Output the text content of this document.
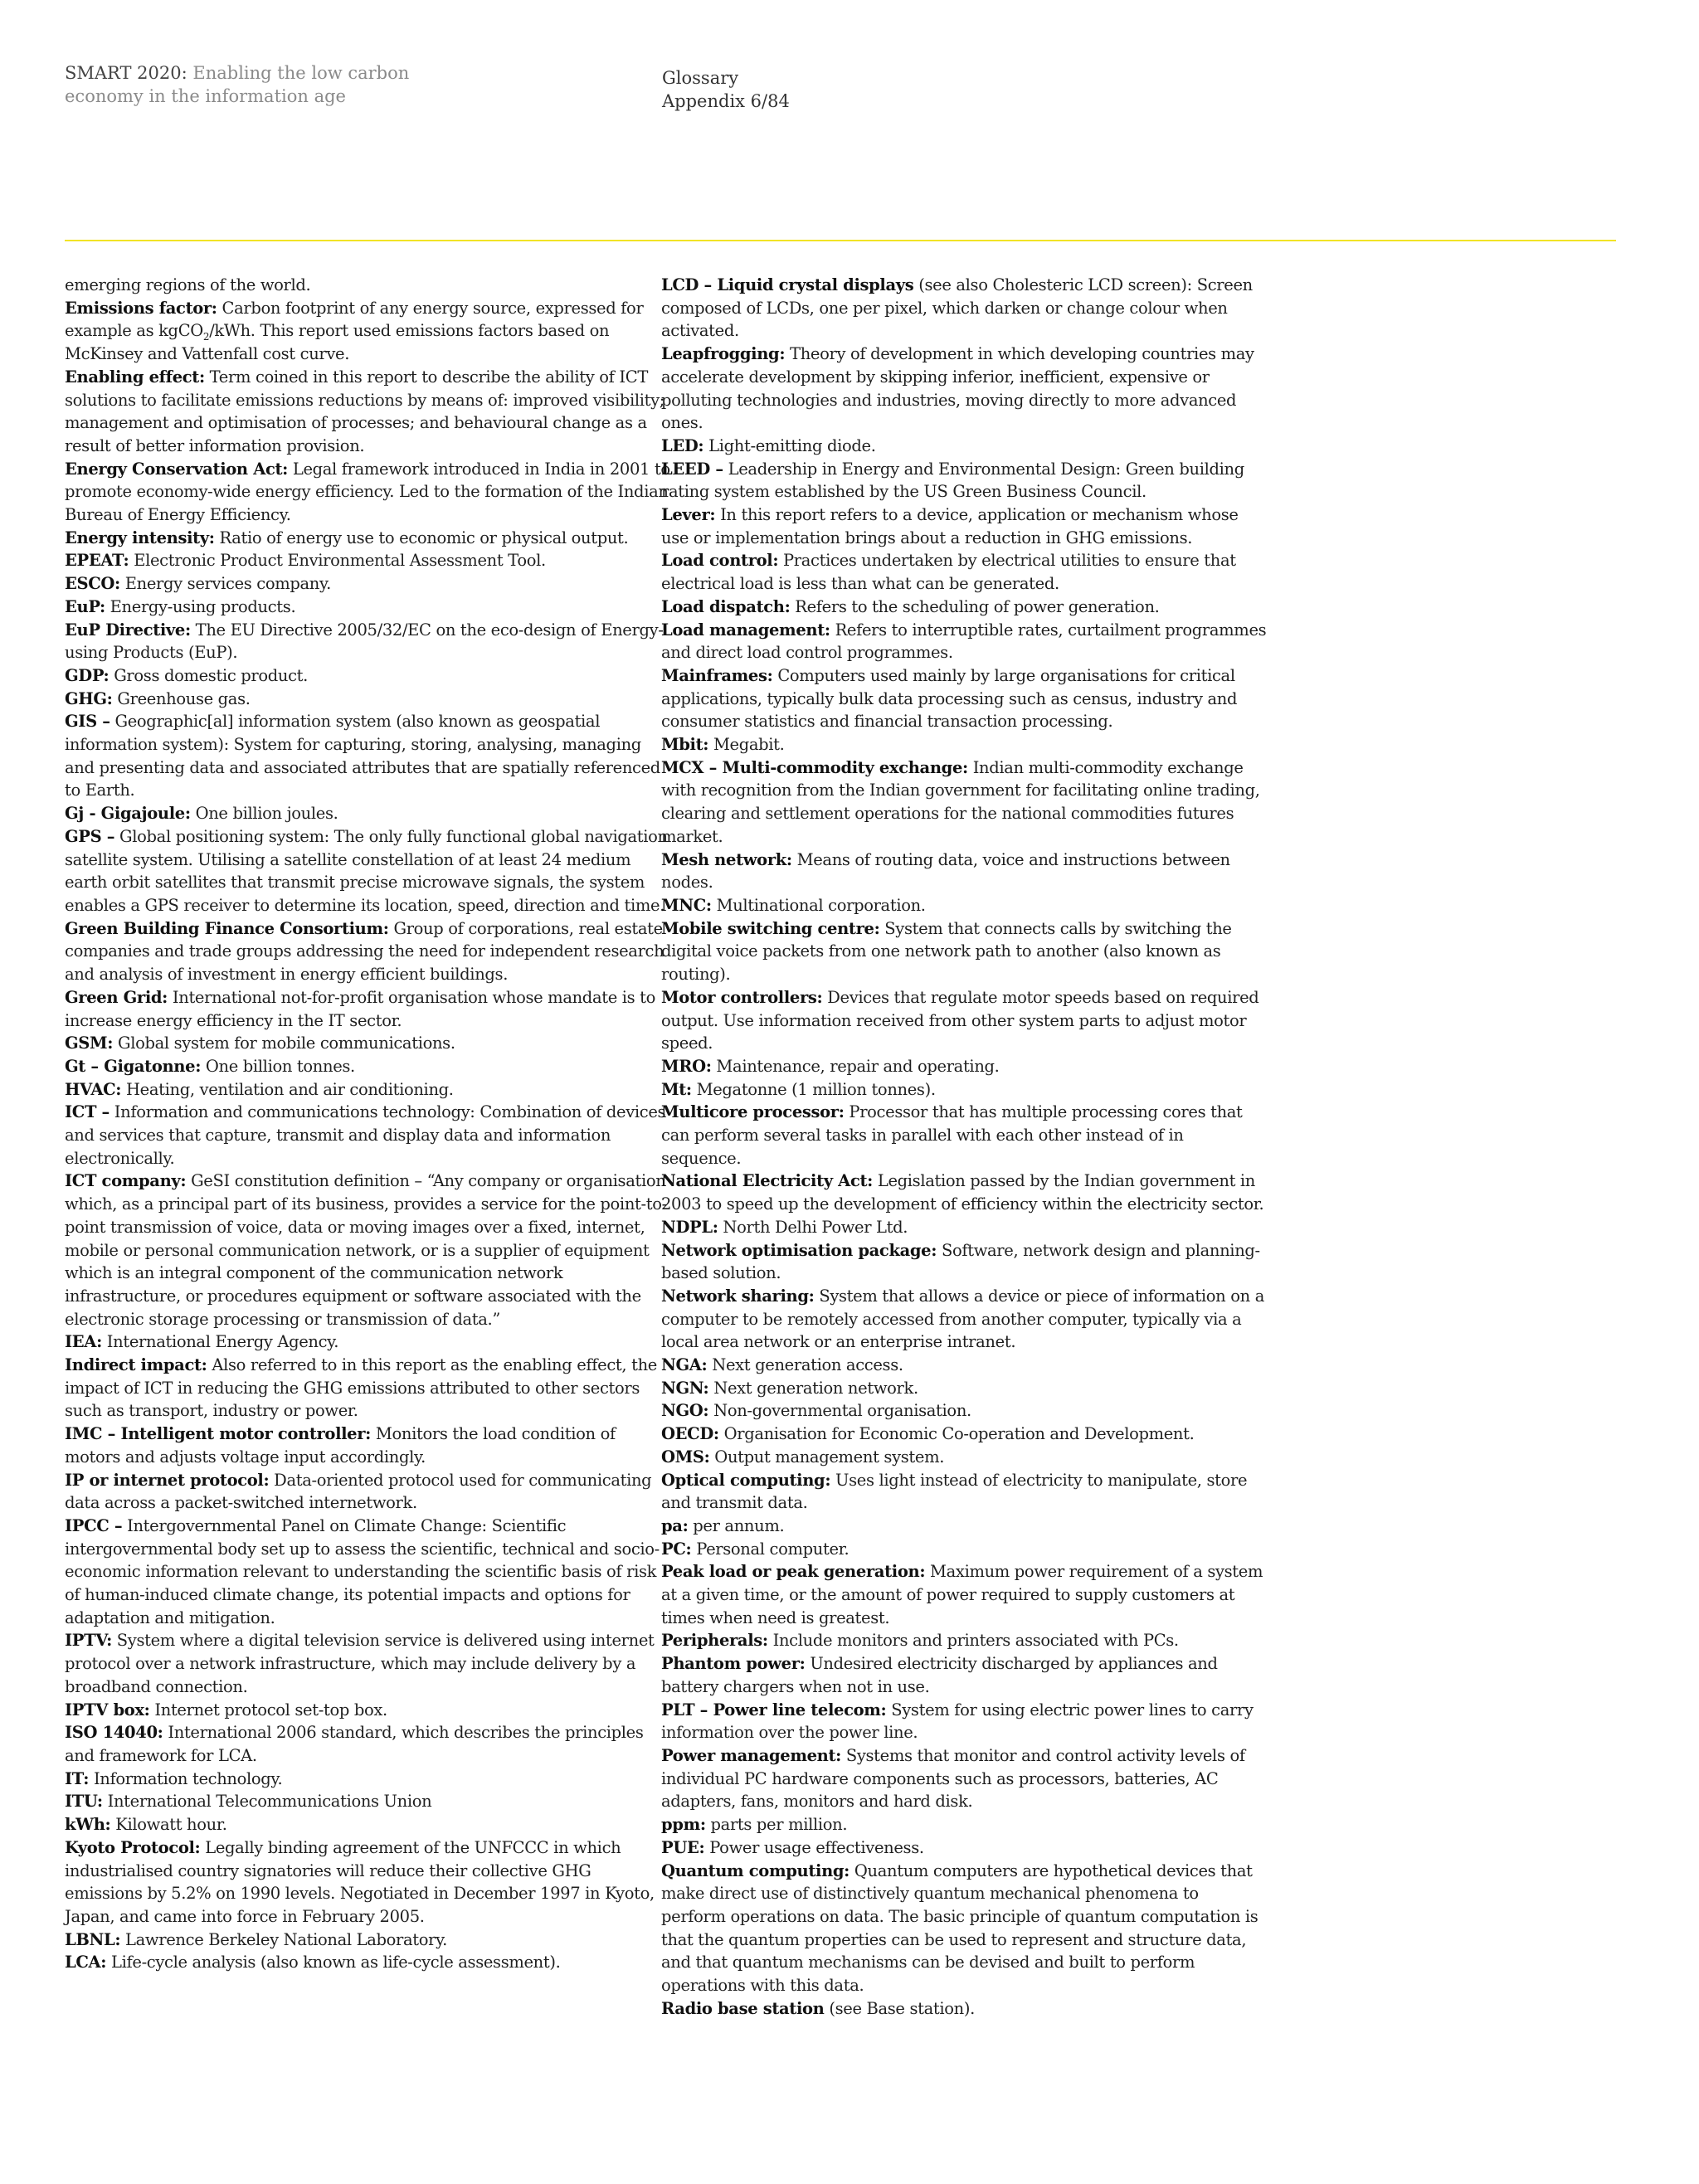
SMART 2020: Enabling the low carbon economy in the information age
Glossary
Appendix 6/84

emerging regions of the world.

Emissions factor: Carbon footprint of any energy source, expressed for example as kgCO$_2$/kWh. This report used emissions factors based on McKinsey and Vattenfall cost curve.

Enabling effect: Term coined in this report to describe the ability of ICT solutions to facilitate emissions reductions by means of: improved visibility; management and optimisation of processes; and behavioural change as a result of better information provision.

Energy Conservation Act: Legal framework introduced in India in 2001 to promote economy-wide energy efficiency. Led to the formation of the Indian Bureau of Energy Efficiency.

Energy intensity: Ratio of energy use to economic or physical output.

EPEAT: Electronic Product Environmental Assessment Tool.

ESCO: Energy services company.

EuP: Energy-using products.

EuP Directive: The EU Directive 2005/32/EC on the eco-design of Energy-using Products (EuP).

GDP: Gross domestic product.

GHG: Greenhouse gas.

GIS – Geographic[al] information system (also known as geospatial information system): System for capturing, storing, analysing, managing and presenting data and associated attributes that are spatially referenced to Earth.

Gj - Gigajoule: One billion joules.

GPS – Global positioning system: The only fully functional global navigation satellite system. Utilising a satellite constellation of at least 24 medium earth orbit satellites that transmit precise microwave signals, the system enables a GPS receiver to determine its location, speed, direction and time.

Green Building Finance Consortium: Group of corporations, real estate companies and trade groups addressing the need for independent research and analysis of investment in energy efficient buildings.

Green Grid: International not-for-profit organisation whose mandate is to increase energy efficiency in the IT sector.

GSM: Global system for mobile communications.

Gt – Gigatonne: One billion tonnes.

HVAC: Heating, ventilation and air conditioning.

ICT – Information and communications technology: Combination of devices and services that capture, transmit and display data and information electronically.

ICT company: GeSI constitution definition – “Any company or organisation which, as a principal part of its business, provides a service for the point-to-point transmission of voice, data or moving images over a fixed, internet, mobile or personal communication network, or is a supplier of equipment which is an integral component of the communication network infrastructure, or procedures equipment or software associated with the electronic storage processing or transmission of data.”

IEA: International Energy Agency.

Indirect impact: Also referred to in this report as the enabling effect, the impact of ICT in reducing the GHG emissions attributed to other sectors such as transport, industry or power.

IMC – Intelligent motor controller: Monitors the load condition of motors and adjusts voltage input accordingly.

IP or internet protocol: Data-oriented protocol used for communicating data across a packet-switched internetwork.

IPCC – Intergovernmental Panel on Climate Change: Scientific intergovernmental body set up to assess the scientific, technical and socio-economic information relevant to understanding the scientific basis of risk of human-induced climate change, its potential impacts and options for adaptation and mitigation.

IPTV: System where a digital television service is delivered using internet protocol over a network infrastructure, which may include delivery by a broadband connection.

IPTV box: Internet protocol set-top box.

ISO 14040: International 2006 standard, which describes the principles and framework for LCA.

IT: Information technology.

ITU: International Telecommunications Union

kWh: Kilowatt hour.

Kyoto Protocol: Legally binding agreement of the UNFCCC in which industrialised country signatories will reduce their collective GHG emissions by 5.2% on 1990 levels. Negotiated in December 1997 in Kyoto, Japan, and came into force in February 2005.

LBNL: Lawrence Berkeley National Laboratory.

LCA: Life-cycle analysis (also known as life-cycle assessment).

LCD – Liquid crystal displays (see also Cholesteric LCD screen): Screen composed of LCDs, one per pixel, which darken or change colour when activated.

Leapfrogging: Theory of development in which developing countries may accelerate development by skipping inferior, inefficient, expensive or polluting technologies and industries, moving directly to more advanced ones.

LED: Light-emitting diode.

LEED – Leadership in Energy and Environmental Design: Green building rating system established by the US Green Business Council.

Lever: In this report refers to a device, application or mechanism whose use or implementation brings about a reduction in GHG emissions.

Load control: Practices undertaken by electrical utilities to ensure that electrical load is less than what can be generated.

Load dispatch: Refers to the scheduling of power generation.

Load management: Refers to interruptible rates, curtailment programmes and direct load control programmes.

Mainframes: Computers used mainly by large organisations for critical applications, typically bulk data processing such as census, industry and consumer statistics and financial transaction processing.

Mbit: Megabit.

MCX – Multi-commodity exchange: Indian multi-commodity exchange with recognition from the Indian government for facilitating online trading, clearing and settlement operations for the national commodities futures market.

Mesh network: Means of routing data, voice and instructions between nodes.

MNC: Multinational corporation.

Mobile switching centre: System that connects calls by switching the digital voice packets from one network path to another (also known as routing).

Motor controllers: Devices that regulate motor speeds based on required output. Use information received from other system parts to adjust motor speed.

MRO: Maintenance, repair and operating.

Mt: Megatonne (1 million tonnes).

Multicore processor: Processor that has multiple processing cores that can perform several tasks in parallel with each other instead of in sequence.

National Electricity Act: Legislation passed by the Indian government in 2003 to speed up the development of efficiency within the electricity sector.

NDPL: North Delhi Power Ltd.

Network optimisation package: Software, network design and planning-based solution.

Network sharing: System that allows a device or piece of information on a computer to be remotely accessed from another computer, typically via a local area network or an enterprise intranet.

NGA: Next generation access.

NGN: Next generation network.

NGO: Non-governmental organisation.

OECD: Organisation for Economic Co-operation and Development.

OMS: Output management system.

Optical computing: Uses light instead of electricity to manipulate, store and transmit data.

pa: per annum.

PC: Personal computer.

Peak load or peak generation: Maximum power requirement of a system at a given time, or the amount of power required to supply customers at times when need is greatest.

Peripherals: Include monitors and printers associated with PCs.

Phantom power: Undesired electricity discharged by appliances and battery chargers when not in use.

PLT – Power line telecom: System for using electric power lines to carry information over the power line.

Power management: Systems that monitor and control activity levels of individual PC hardware components such as processors, batteries, AC adapters, fans, monitors and hard disk.

ppm: parts per million.

PUE: Power usage effectiveness.

Quantum computing: Quantum computers are hypothetical devices that make direct use of distinctively quantum mechanical phenomena to perform operations on data. The basic principle of quantum computation is that the quantum properties can be used to represent and structure data, and that quantum mechanisms can be devised and built to perform operations with this data.

Radio base station (see Base station).
